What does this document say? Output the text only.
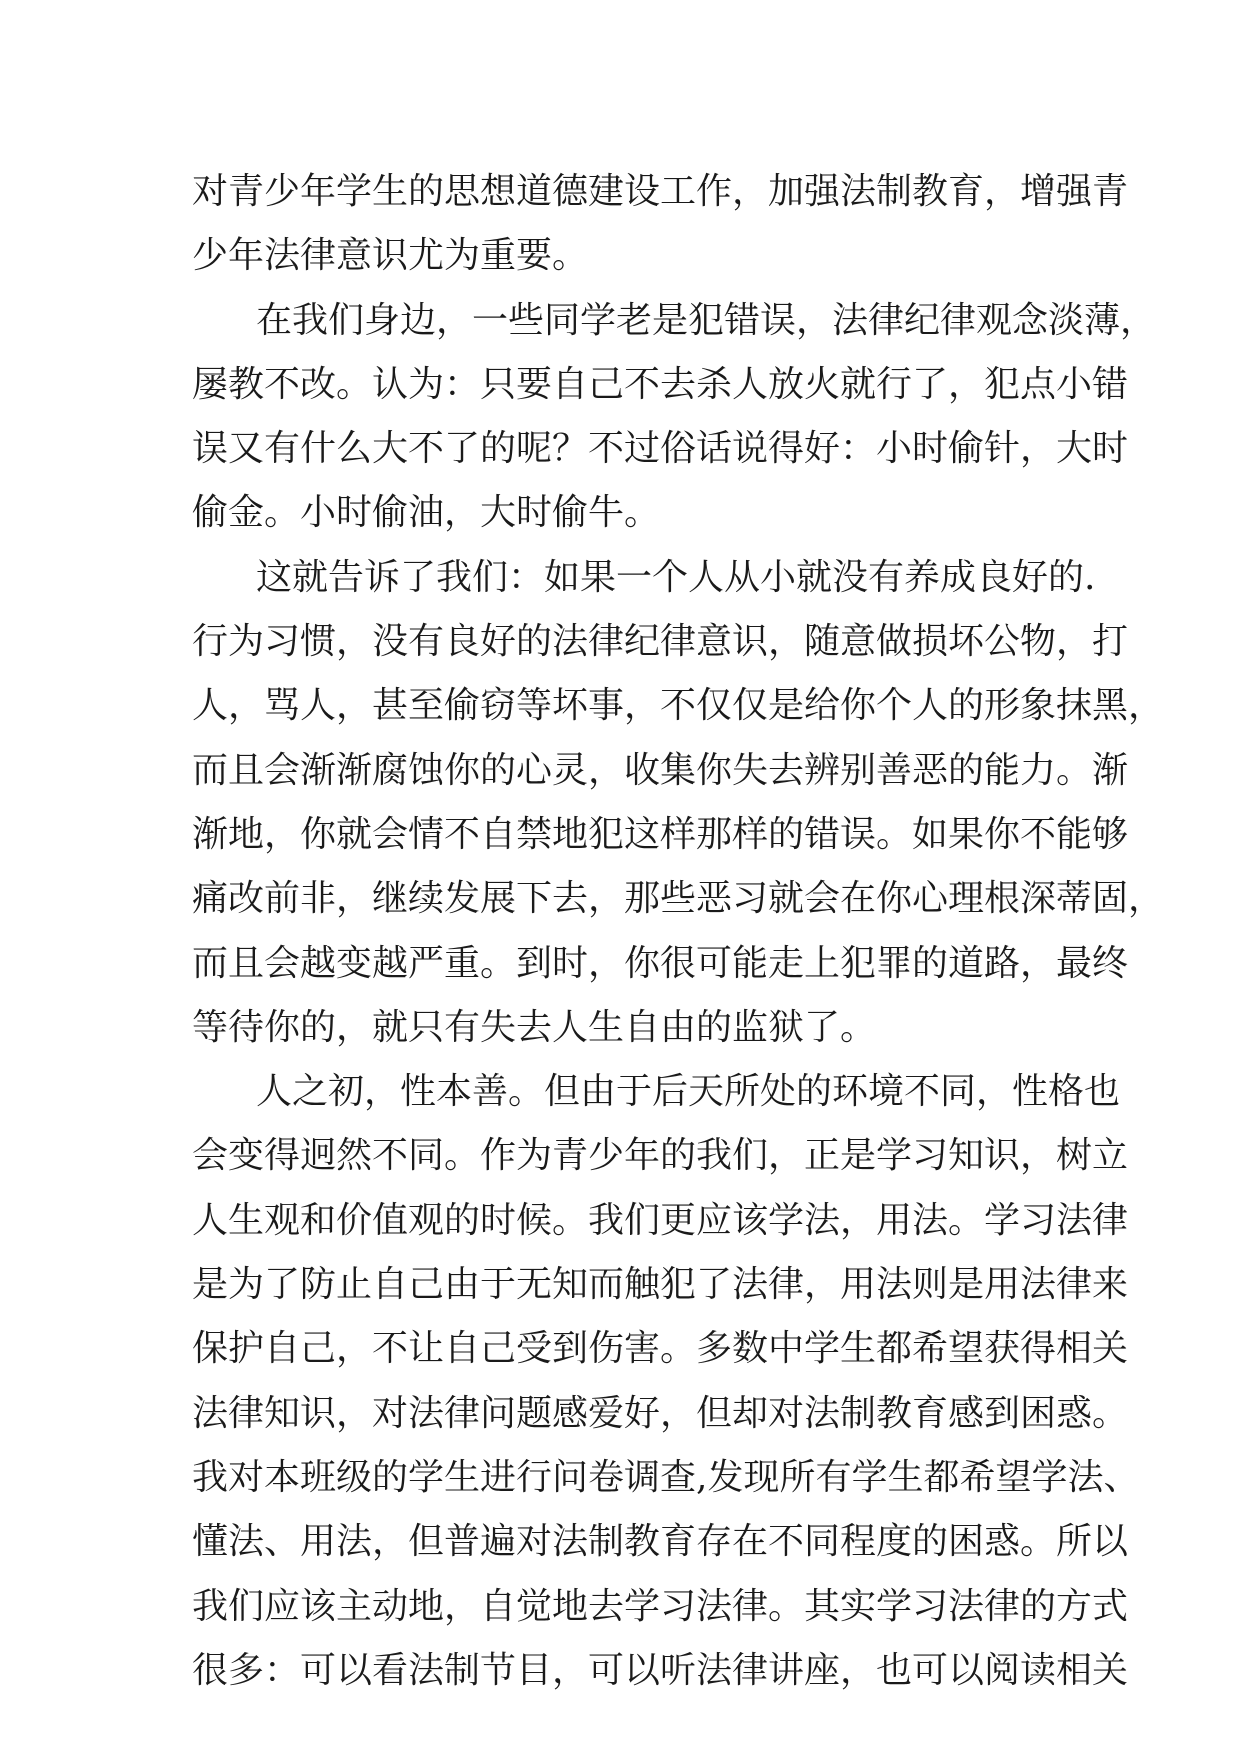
对青少年学生的思想道德建设工作，加强法制教育，增强青
少年法律意识尤为重要。
在我们身边，一些同学老是犯错误，法律纪律观念淡薄，
屡教不改。认为：只要自己不去杀人放火就行了，犯点小错
误又有什么大不了的呢？不过俗话说得好：小时偷针，大时
偷金。小时偷油，大时偷牛。
这就告诉了我们：如果一个人从小就没有养成良好的.
行为习惯，没有良好的法律纪律意识，随意做损坏公物，打
人，骂人，甚至偷窃等坏事，不仅仅是给你个人的形象抹黑，
而且会渐渐腐蚀你的心灵，收集你失去辨别善恶的能力。渐
渐地，你就会情不自禁地犯这样那样的错误。如果你不能够
痛改前非，继续发展下去，那些恶习就会在你心理根深蒂固，
而且会越变越严重。到时，你很可能走上犯罪的道路，最终
等待你的，就只有失去人生自由的监狱了。
人之初，性本善。但由于后天所处的环境不同，性格也
会变得迥然不同。作为青少年的我们，正是学习知识，树立
人生观和价值观的时候。我们更应该学法，用法。学习法律
是为了防止自己由于无知而触犯了法律，用法则是用法律来
保护自己，不让自己受到伤害。多数中学生都希望获得相关
法律知识，对法律问题感爱好，但却对法制教育感到困惑。
我对本班级的学生进行问卷调查,发现所有学生都希望学法、
懂法、用法，但普遍对法制教育存在不同程度的困惑。所以
我们应该主动地，自觉地去学习法律。其实学习法律的方式
很多：可以看法制节目，可以听法律讲座，也可以阅读相关
